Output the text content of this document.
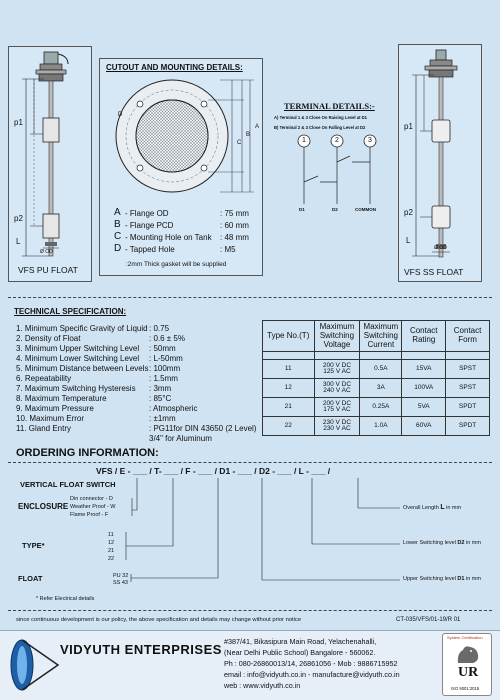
p1
p2
L
Ø OD
VFS PU FLOAT
CUTOUT AND MOUNTING DETAILS:
A
B
C
D
A - Flange OD	: 75 mm
B - Flange PCD	: 60 mm
C - Mounting Hole on Tank : 48 mm
D - Tapped Hole	: M5
:2mm Thick gasket will be supplied
TERMINAL DETAILS:-
A) Terminal 1 & 3 Close On Raising Level at D1
B) Terminal 2 & 3 Close On Falling Level at D2
1	2	3
D1	D2	COMMON
p1
p2
L
Ø OD
VFS SS FLOAT
TECHNICAL SPECIFICATION:
1. Minimum Specific Gravity of Liquid : 0.75
2. Density of Float	: 0.6 ± 5%
3. Minimum Upper Switching Level : 50mm
4. Minimum Lower Switching Level : L-50mm
5. Minimum Distance between Levels : 100mm
6. Repeatability	: 1.5mm
7. Maximum Switching Hysteresis : 3mm
8. Maximum Temperature	: 85°C
9. Maximum Pressure	: Atmospheric
10. Maximum Error	: ±1mm
11. Gland Entry	: PG11for DIN 43650 (2 Level)
3/4" for Aluminum
Type No.(T)	Maximum Switching Voltage	Maximum Switching Current	Contact Rating	Contact Form

11	200 V DC
125 V AC	0.5A	15VA	SPST
12	300 V DC
240 V AC	3A	100VA	SPST
21	200 V DC
175 V AC	0.25A	5VA	SPDT
22	230 V DC
230 V AC	1.0A	60VA	SPDT
ORDERING INFORMATION:
VFS / E - ___ / T- ___ / F - ___ / D1 - ___ / D2 - ___ / L - ___ /
VERTICAL FLOAT SWITCH
ENCLOSURE
Din connector - D
Weather Proof - W
Flame Proof - F
TYPE*
11
12
21
22
FLOAT	PU 32
SS 43
* Refer Electrical details
Overall Length L in mm
Lower Switching level D2 in mm
Upper Switching level D1 in mm
since continuous development is our policy, the above specification and details may change without prior notice	CT-035/VFS/01-19/R 01
VIDYUTH ENTERPRISES
#387/41, Bikasipura Main Road, Yelachenahalli,
(Near Delhi Public School) Bangalore - 560062.
Ph : 080-26860013/14, 26861056 - Mob : 9886715952
email : info@vidyuth.co.in - manufacture@vidyuth.co.in
web : www.vidyuth.co.in
System Certification
UR
ISO 9001:2015
